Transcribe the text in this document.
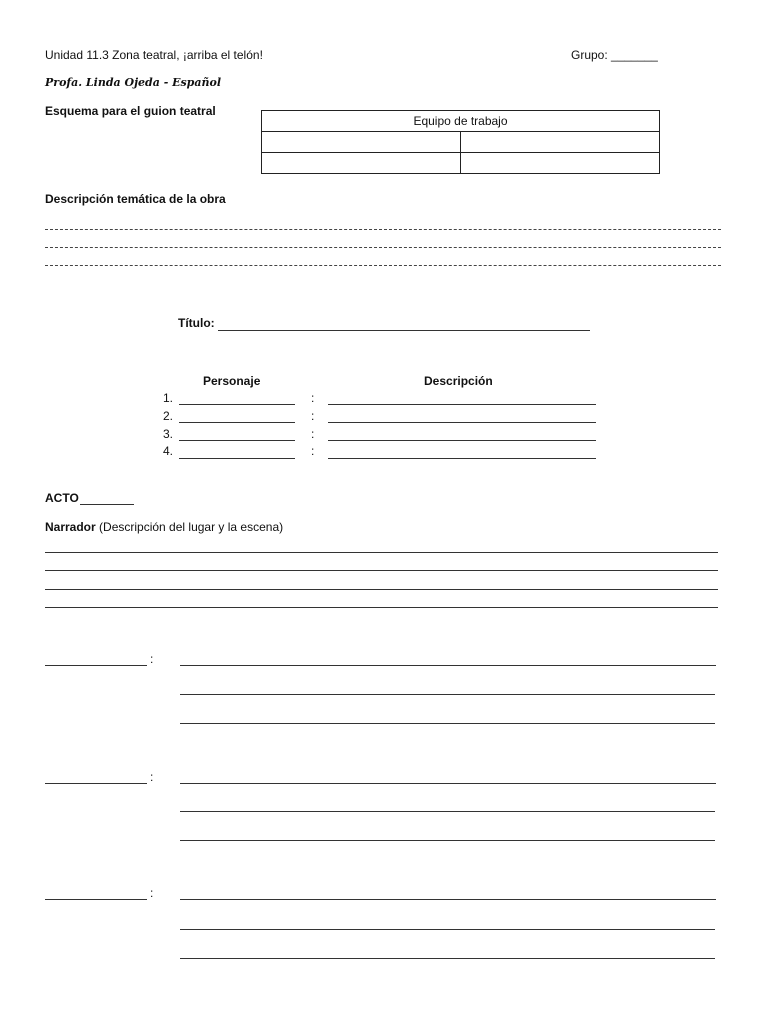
Unidad 11.3 Zona teatral, ¡arriba el telón!	Grupo: _______
Profa. Linda Ojeda - Español
Esquema para el guion teatral
Equipo de trabajo	

Descripción temática de la obra
Título:
Personaje	Descripción
1.	:
2.	:
3.	:
4.	:
ACTO
Narrador (Descripción del lugar y la escena)
:
:
:
